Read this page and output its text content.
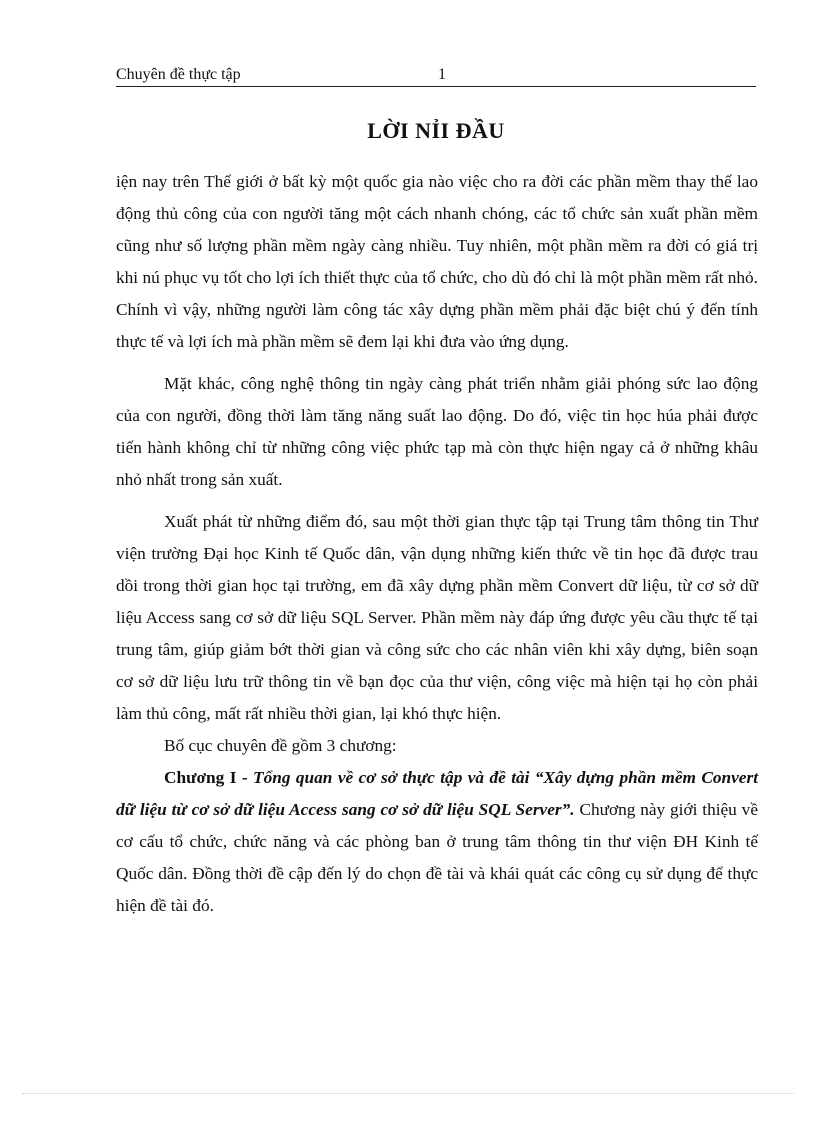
Chuyên đề thực tập	1
LỜI NỈI ĐẦU

iện nay trên Thế giới ở bất kỳ một quốc gia nào việc cho ra đời các phần mềm thay thế lao động thủ công của con người tăng một cách nhanh chóng, các tổ chức sản xuất phần mềm cũng như số lượng phần mềm ngày càng nhiều. Tuy nhiên, một phần mềm ra đời có giá trị khi nú phục vụ tốt cho lợi ích thiết thực của tổ chức, cho dù đó chỉ là một phần mềm rất nhỏ. Chính vì vậy, những người làm công tác xây dựng phần mềm phải đặc biệt chú ý đến tính thực tế và lợi ích mà phần mềm sẽ đem lại khi đưa vào ứng dụng.

Mặt khác, công nghệ thông tin ngày càng phát triển nhằm giải phóng sức lao động của con người, đồng thời làm tăng năng suất lao động. Do đó, việc tin học húa phải được tiến hành không chỉ từ những công việc phức tạp mà còn thực hiện ngay cả ở những khâu nhỏ nhất trong sản xuất.

Xuất phát từ những điểm đó, sau một thời gian thực tập tại Trung tâm thông tin Thư viện trường Đại học Kinh tế Quốc dân, vận dụng những kiến thức về tin học đã được trau dồi trong thời gian học tại trường, em đã xây dựng phần mềm Convert dữ liệu, từ cơ sở dữ liệu Access sang cơ sở dữ liệu SQL Server. Phần mềm này đáp ứng được yêu cầu thực tế tại trung tâm, giúp giảm bớt thời gian và công sức cho các nhân viên khi xây dựng, biên soạn cơ sở dữ liệu lưu trữ thông tin về bạn đọc của thư viện, công việc mà hiện tại họ còn phải làm thủ công, mất rất nhiều thời gian, lại khó thực hiện.

Bố cục chuyên đề gồm 3 chương:

Chương I - Tổng quan về cơ sở thực tập và đề tài “Xây dựng phần mềm Convert dữ liệu từ cơ sở dữ liệu Access sang cơ sở dữ liệu SQL Server”. Chương này giới thiệu về cơ cấu tổ chức, chức năng và các phòng ban ở trung tâm thông tin thư viện ĐH Kinh tế Quốc dân. Đồng thời đề cập đến lý do chọn đề tài và khái quát các công cụ sử dụng để thực hiện đề tài đó.
